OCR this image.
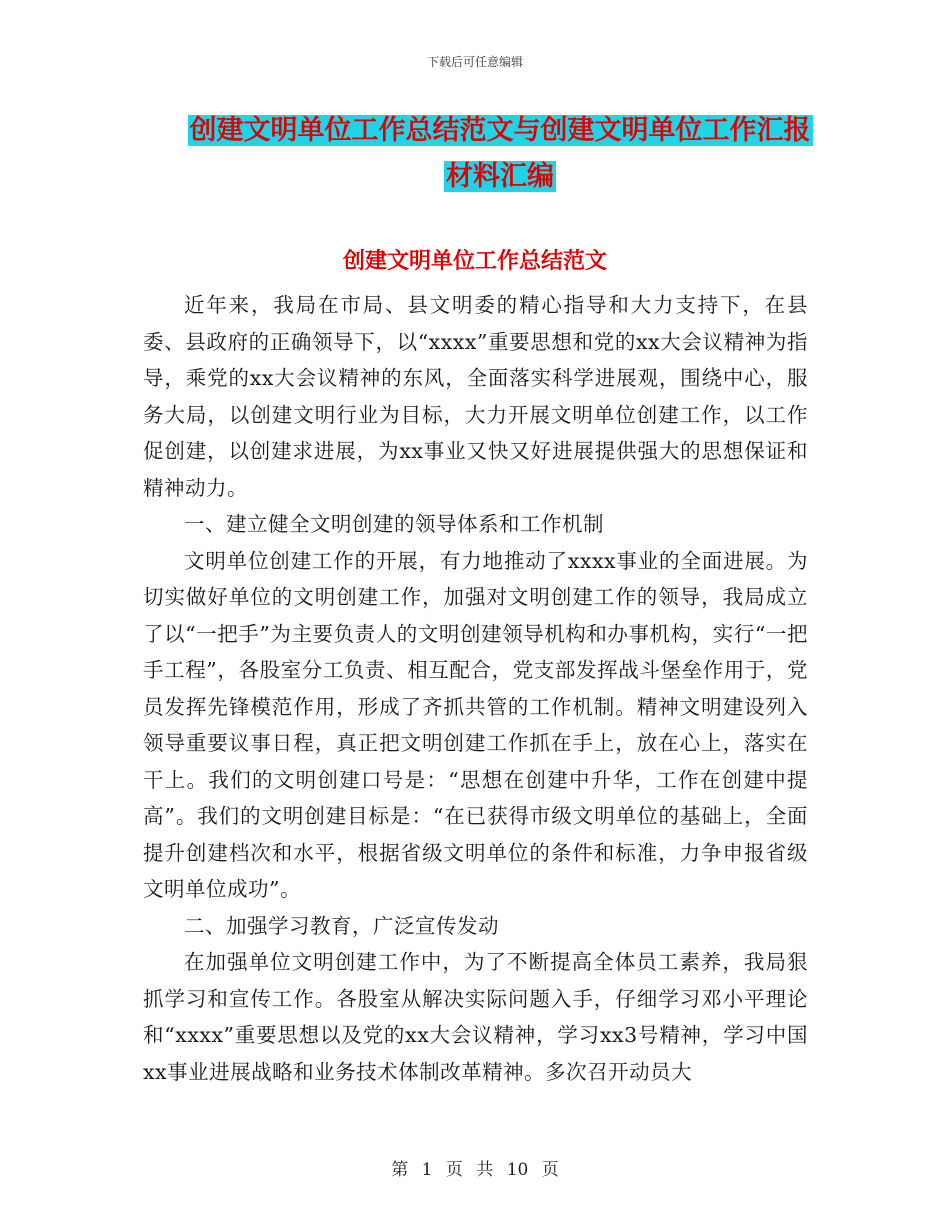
下载后可任意编辑
创建文明单位工作总结范文与创建文明单位工作汇报
材料汇编
创建文明单位工作总结范文

近年来，我局在市局、县文明委的精心指导和大力支持下，在县委、县政府的正确领导下，以“xxxx”重要思想和党的xx大会议精神为指导，乘党的xx大会议精神的东风，全面落实科学进展观，围绕中心，服务大局，以创建文明行业为目标，大力开展文明单位创建工作，以工作促创建，以创建求进展，为xx事业又快又好进展提供强大的思想保证和精神动力。

一、建立健全文明创建的领导体系和工作机制

文明单位创建工作的开展，有力地推动了xxxx事业的全面进展。为切实做好单位的文明创建工作，加强对文明创建工作的领导，我局成立了以“一把手”为主要负责人的文明创建领导机构和办事机构，实行“一把手工程”，各股室分工负责、相互配合，党支部发挥战斗堡垒作用于，党员发挥先锋模范作用，形成了齐抓共管的工作机制。精神文明建设列入领导重要议事日程，真正把文明创建工作抓在手上，放在心上，落实在干上。我们的文明创建口号是：“思想在创建中升华，工作在创建中提高”。我们的文明创建目标是：“在已获得市级文明单位的基础上，全面提升创建档次和水平，根据省级文明单位的条件和标准，力争申报省级文明单位成功”。

二、加强学习教育，广泛宣传发动

在加强单位文明创建工作中，为了不断提高全体员工素养，我局狠抓学习和宣传工作。各股室从解决实际问题入手，仔细学习邓小平理论和“xxxx”重要思想以及党的xx大会议精神，学习xx3号精神，学习中国xx事业进展战略和业务技术体制改革精神。多次召开动员大

第 1 页 共 10 页
